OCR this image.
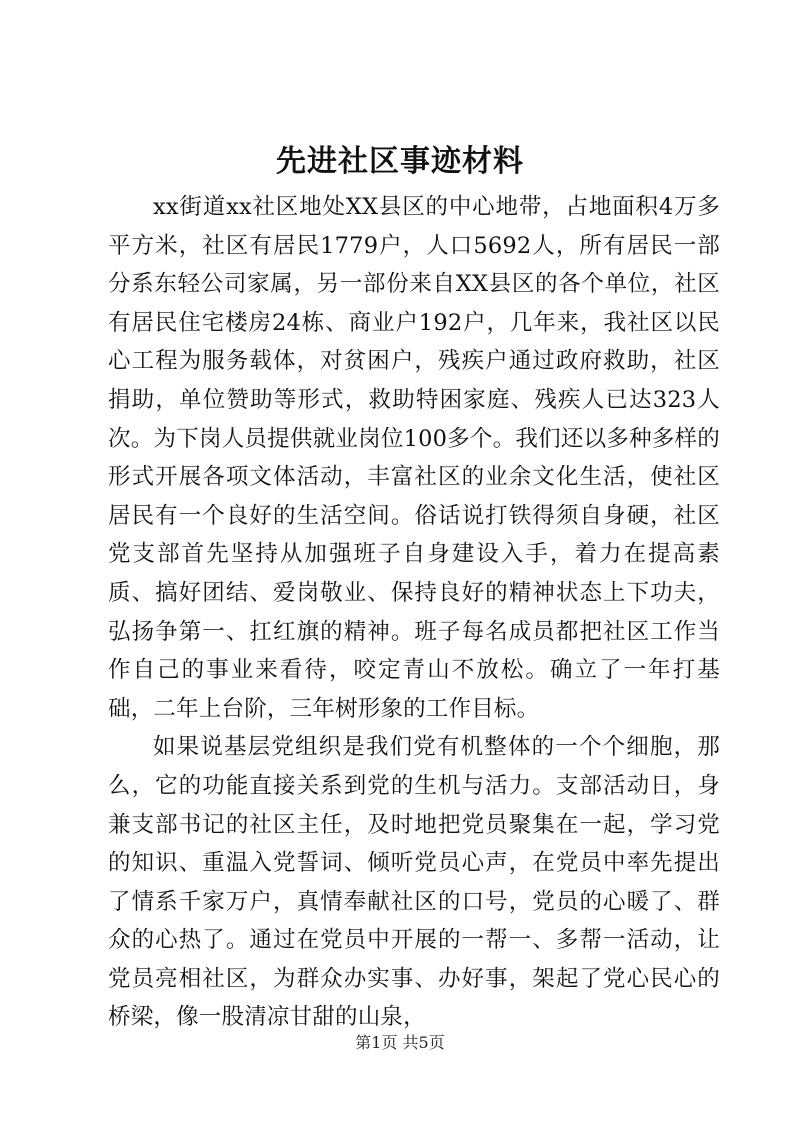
先进社区事迹材料

xx街道xx社区地处XX县区的中心地带，占地面积4万多平方米，社区有居民1779户，人口5692人，所有居民一部分系东轻公司家属，另一部份来自XX县区的各个单位，社区有居民住宅楼房24栋、商业户192户，几年来，我社区以民心工程为服务载体，对贫困户，残疾户通过政府救助，社区捐助，单位赞助等形式，救助特困家庭、残疾人已达323人次。为下岗人员提供就业岗位100多个。我们还以多种多样的形式开展各项文体活动，丰富社区的业余文化生活，使社区居民有一个良好的生活空间。俗话说打铁得须自身硬，社区党支部首先坚持从加强班子自身建设入手，着力在提高素质、搞好团结、爱岗敬业、保持良好的精神状态上下功夫，弘扬争第一、扛红旗的精神。班子每名成员都把社区工作当作自己的事业来看待，咬定青山不放松。确立了一年打基础，二年上台阶，三年树形象的工作目标。

如果说基层党组织是我们党有机整体的一个个细胞，那么，它的功能直接关系到党的生机与活力。支部活动日，身兼支部书记的社区主任，及时地把党员聚集在一起，学习党的知识、重温入党誓词、倾听党员心声，在党员中率先提出了情系千家万户，真情奉献社区的口号，党员的心暖了、群众的心热了。通过在党员中开展的一帮一、多帮一活动，让党员亮相社区，为群众办实事、办好事，架起了党心民心的桥梁，像一股清凉甘甜的山泉，

第1页 共5页
